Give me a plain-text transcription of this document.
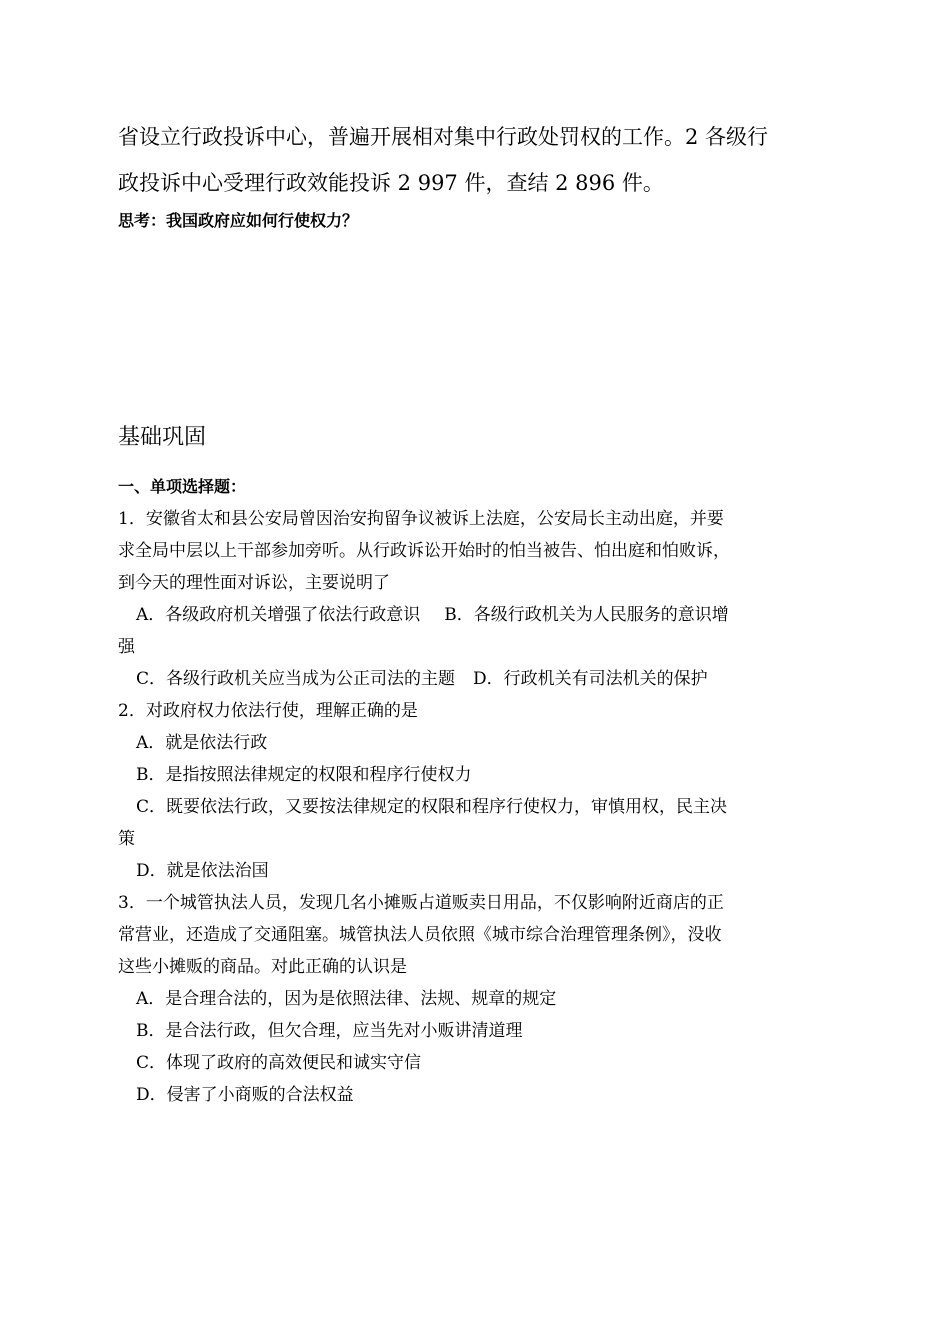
省设立行政投诉中心，普遍开展相对集中行政处罚权的工作。2 各级行

政投诉中心受理行政效能投诉 2 997 件，查结 2 896 件。

思考：我国政府应如何行使权力？
基础巩固
一、单项选择题：

1．安徽省太和县公安局曾因治安拘留争议被诉上法庭，公安局长主动出庭，并要

求全局中层以上干部参加旁听。从行政诉讼开始时的怕当被告、怕出庭和怕败诉，

到今天的理性面对诉讼，主要说明了

A．各级政府机关增强了依法行政意识 B．各级行政机关为人民服务的意识增

强

C．各级行政机关应当成为公正司法的主题 D．行政机关有司法机关的保护

2．对政府权力依法行使，理解正确的是

A．就是依法行政

B．是指按照法律规定的权限和程序行使权力

C．既要依法行政，又要按法律规定的权限和程序行使权力，审慎用权，民主决

策

D．就是依法治国

3．一个城管执法人员，发现几名小摊贩占道贩卖日用品，不仅影响附近商店的正

常营业，还造成了交通阻塞。城管执法人员依照《城市综合治理管理条例》，没收

这些小摊贩的商品。对此正确的认识是

A．是合理合法的，因为是依照法律、法规、规章的规定

B．是合法行政，但欠合理，应当先对小贩讲清道理

C．体现了政府的高效便民和诚实守信

D．侵害了小商贩的合法权益
